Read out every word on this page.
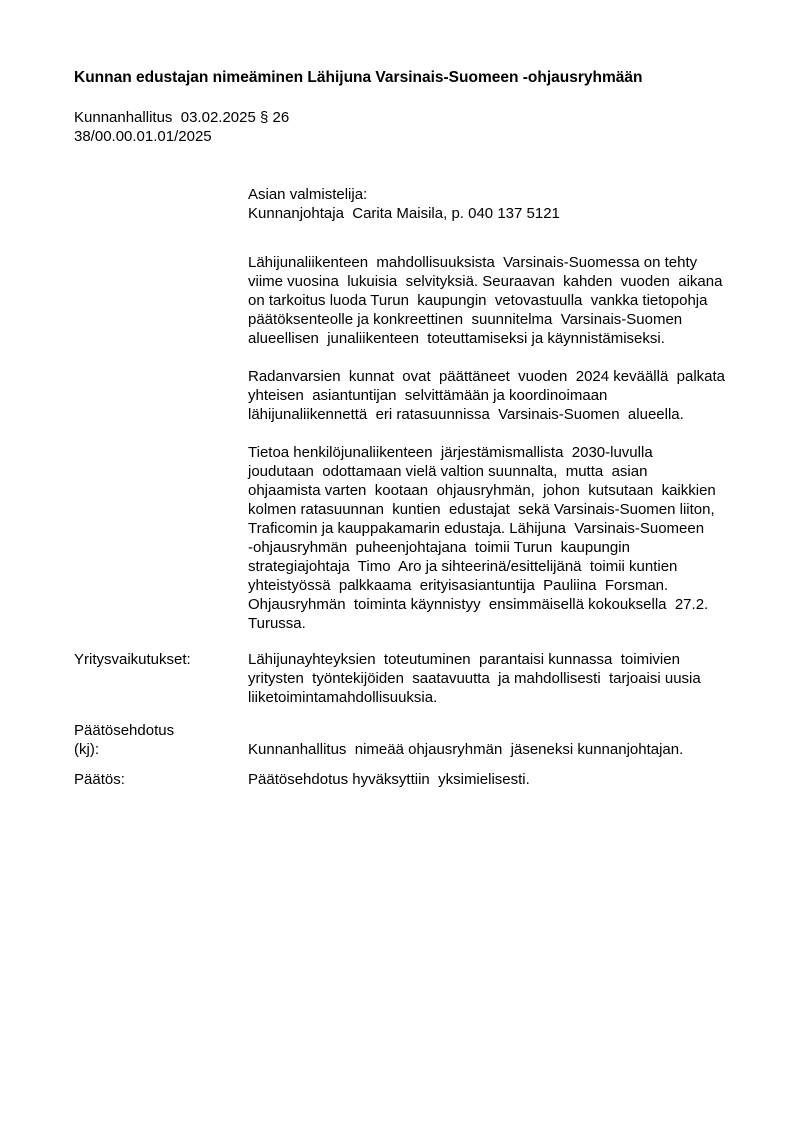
Kunnan edustajan nimeäminen Lähijuna Varsinais-Suomeen -ohjausryhmään
Kunnanhallitus  03.02.2025 § 26
38/00.00.01.01/2025
Asian valmistelija:
Kunnanjohtaja  Carita Maisila, p. 040 137 5121
Lähijunaliikenteen  mahdollisuuksista  Varsinais-Suomessa on tehty
viime vuosina  lukuisia  selvityksiä. Seuraavan  kahden  vuoden  aikana
on tarkoitus luoda Turun  kaupungin  vetovastuulla  vankka tietopohja
päätöksenteolle ja konkreettinen  suunnitelma  Varsinais-Suomen
alueellisen  junaliikenteen  toteuttamiseksi ja käynnistämiseksi.
Radanvarsien  kunnat  ovat  päättäneet  vuoden  2024 keväällä  palkata
yhteisen  asiantuntijan  selvittämään ja koordinoimaan
lähijunaliikennettä  eri ratasuunnissa  Varsinais-Suomen  alueella.
Tietoa henkilöjunaliikenteen  järjestämismallista  2030-luvulla
joudutaan  odottamaan vielä valtion suunnalta,  mutta  asian
ohjaamista varten  kootaan  ohjausryhmän,  johon  kutsutaan  kaikkien
kolmen ratasuunnan  kuntien  edustajat  sekä Varsinais-Suomen liiton,
Traficomin ja kauppakamarin edustaja. Lähijuna  Varsinais-Suomeen
-ohjausryhmän  puheenjohtajana  toimii Turun  kaupungin
strategiajohtaja  Timo  Aro ja sihteerinä/esittelijänä  toimii kuntien
yhteistyössä  palkkaama  erityisasiantuntija  Pauliina  Forsman.
Ohjausryhmän  toiminta käynnistyy  ensimmäisellä kokouksella  27.2.
Turussa.
Yritysvaikutukset:	Lähijunayhteyksien  toteutuminen  parantaisi kunnassa  toimivien
yritysten  työntekijöiden  saatavuutta  ja mahdollisesti  tarjoaisi uusia
liiketoimintamahdollisuuksia.
Päätösehdotus
(kj):	Kunnanhallitus  nimeää ohjausryhmän  jäseneksi kunnanjohtajan.
Päätös:	Päätösehdotus hyväksyttiin  yksimielisesti.
